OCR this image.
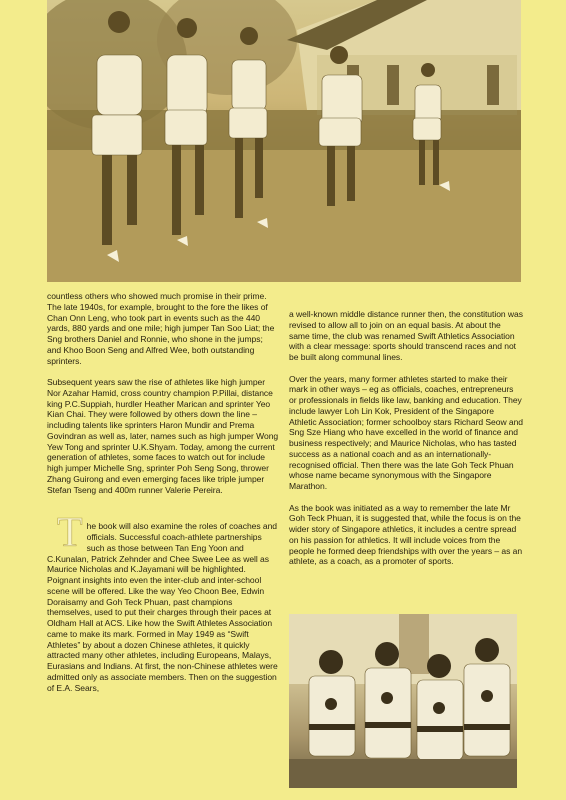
countless others who showed much promise in their prime. The late 1940s, for example, brought to the fore the likes of Chan Onn Leng, who took part in events such as the 440 yards, 880 yards and one mile; high jumper Tan Soo Liat; the Sng brothers Daniel and Ronnie, who shone in the jumps; and Khoo Boon Seng and Alfred Wee, both outstanding sprinters.

Subsequent years saw the rise of athletes like high jumper Nor Azahar Hamid, cross country champion P.Pillai, distance king P.C.Suppiah, hurdler Heather Marican and sprinter Yeo Kian Chai. They were followed by others down the line – including talents like sprinters Haron Mundir and Prema Govindran as well as, later, names such as high jumper Wong Yew Tong and sprinter U.K.Shyam. Today, among the current generation of athletes, some faces to watch out for include high jumper Michelle Sng, sprinter Poh Seng Song, thrower Zhang Guirong and even emerging faces like triple jumper Stefan Tseng and 400m runner Valerie Pereira.

T he book will also examine the roles of coaches and officials. Successful coach-athlete partnerships such as those between Tan Eng Yoon and C.Kunalan, Patrick Zehnder and Chee Swee Lee as well as Maurice Nicholas and K.Jayamani will be highlighted. Poignant insights into even the inter-club and inter-school scene will be offered. Like the way Yeo Choon Bee, Edwin Doraisamy and Goh Teck Phuan, past champions themselves, used to put their charges through their paces at Oldham Hall at ACS. Like how the Swift Athletes Association came to make its mark. Formed in May 1949 as “Swift Athletes” by about a dozen Chinese athletes, it quickly attracted many other athletes, including Europeans, Malays, Eurasians and Indians. At first, the non-Chinese athletes were admitted only as associate members. Then on the suggestion of E.A. Sears,

a well-known middle distance runner then, the constitution was revised to allow all to join on an equal basis. At about the same time, the club was renamed Swift Athletics Association with a clear message: sports should transcend races and not be built along communal lines.

Over the years, many former athletes started to make their mark in other ways – eg as officials, coaches, entrepreneurs or professionals in fields like law, banking and education. They include lawyer Loh Lin Kok, President of the Singapore Athletic Association; former schoolboy stars Richard Seow and Sng Sze Hiang who have excelled in the world of finance and business respectively; and Maurice Nicholas, who has tasted success as a national coach and as an internationally-recognised official. Then there was the late Goh Teck Phuan whose name became synonymous with the Singapore Marathon.

As the book was initiated as a way to remember the late Mr Goh Teck Phuan, it is suggested that, while the focus is on the wider story of Singapore athletics, it includes a centre spread on his passion for athletics. It will include voices from the people he formed deep friendships with over the years – as an athlete, as a coach, as a promoter of sports.
